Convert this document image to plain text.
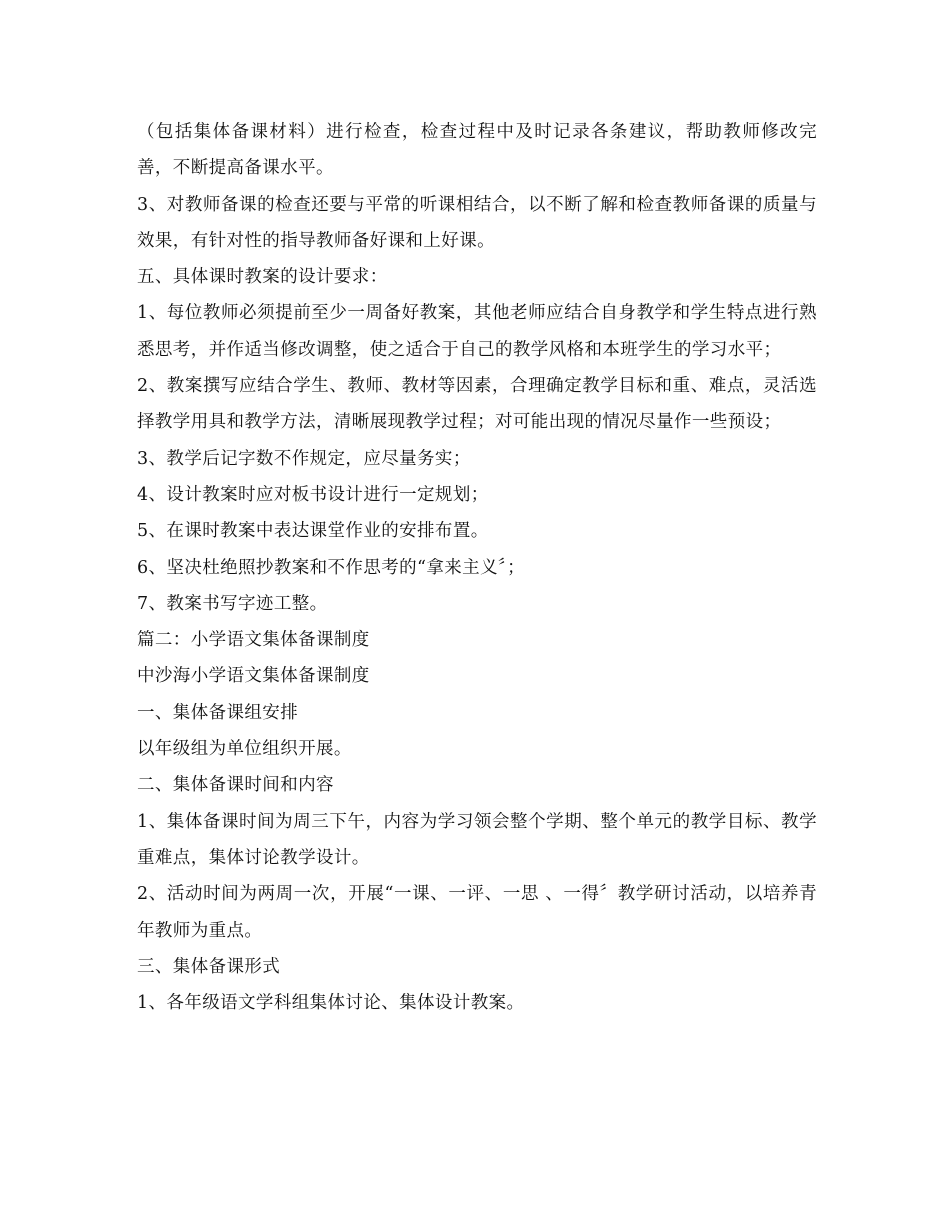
（包括集体备课材料）进行检查，检查过程中及时记录各条建议，帮助教师修改完善，不断提高备课水平。

3、对教师备课的检查还要与平常的听课相结合，以不断了解和检查教师备课的质量与效果，有针对性的指导教师备好课和上好课。

五、具体课时教案的设计要求：

1、每位教师必须提前至少一周备好教案，其他老师应结合自身教学和学生特点进行熟悉思考，并作适当修改调整，使之适合于自己的教学风格和本班学生的学习水平；

2、教案撰写应结合学生、教师、教材等因素，合理确定教学目标和重、难点，灵活选择教学用具和教学方法，清晰展现教学过程；对可能出现的情况尽量作一些预设；

3、教学后记字数不作规定，应尽量务实；

4、设计教案时应对板书设计进行一定规划；

5、在课时教案中表达课堂作业的安排布置。

6、坚决杜绝照抄教案和不作思考的“拿来主义〞；

7、教案书写字迹工整。

篇二：小学语文集体备课制度

中沙海小学语文集体备课制度

一、集体备课组安排

以年级组为单位组织开展。

二、集体备课时间和内容

1、集体备课时间为周三下午，内容为学习领会整个学期、整个单元的教学目标、教学重难点，集体讨论教学设计。

2、活动时间为两周一次，开展“一课、一评、一思 、一得〞教学研讨活动，以培养青年教师为重点。

三、集体备课形式

1、各年级语文学科组集体讨论、集体设计教案。
